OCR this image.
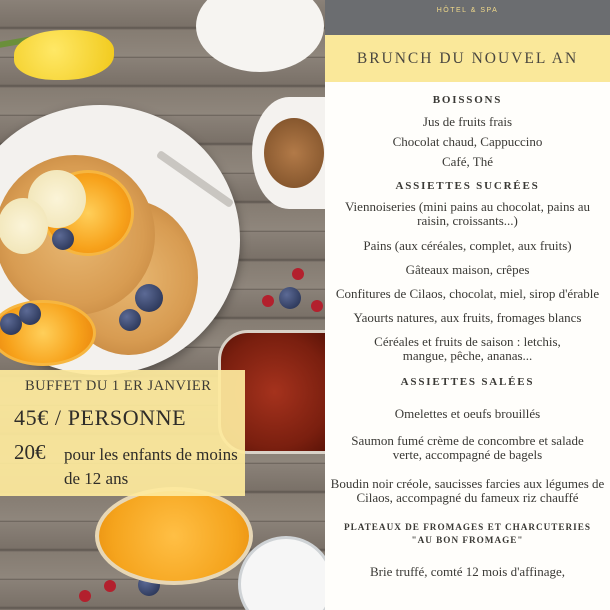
BUFFET DU 1 ER JANVIER
45€ / PERSONNE
20€ pour les enfants de moins de 12 ans
HÔTEL & SPA
BRUNCH DU NOUVEL AN
BOISSONS
Jus de fruits frais
Chocolat chaud, Cappuccino
Café, Thé
ASSIETTES SUCRÉES
Viennoiseries (mini pains au chocolat, pains au raisin, croissants...)
Pains (aux céréales, complet, aux fruits)
Gâteaux maison, crêpes
Confitures de Cilaos, chocolat, miel, sirop d'érable
Yaourts natures, aux fruits, fromages blancs
Céréales et fruits de saison : letchis, mangue, pêche, ananas...
ASSIETTES SALÉES
Omelettes et oeufs brouillés
Saumon fumé crème de concombre et salade verte, accompagné de bagels
Boudin noir créole, saucisses farcies aux légumes de Cilaos, accompagné du fameux riz chauffé
PLATEAUX DE FROMAGES ET CHARCUTERIES
"AU BON FROMAGE"
Brie truffé, comté 12 mois d'affinage,
